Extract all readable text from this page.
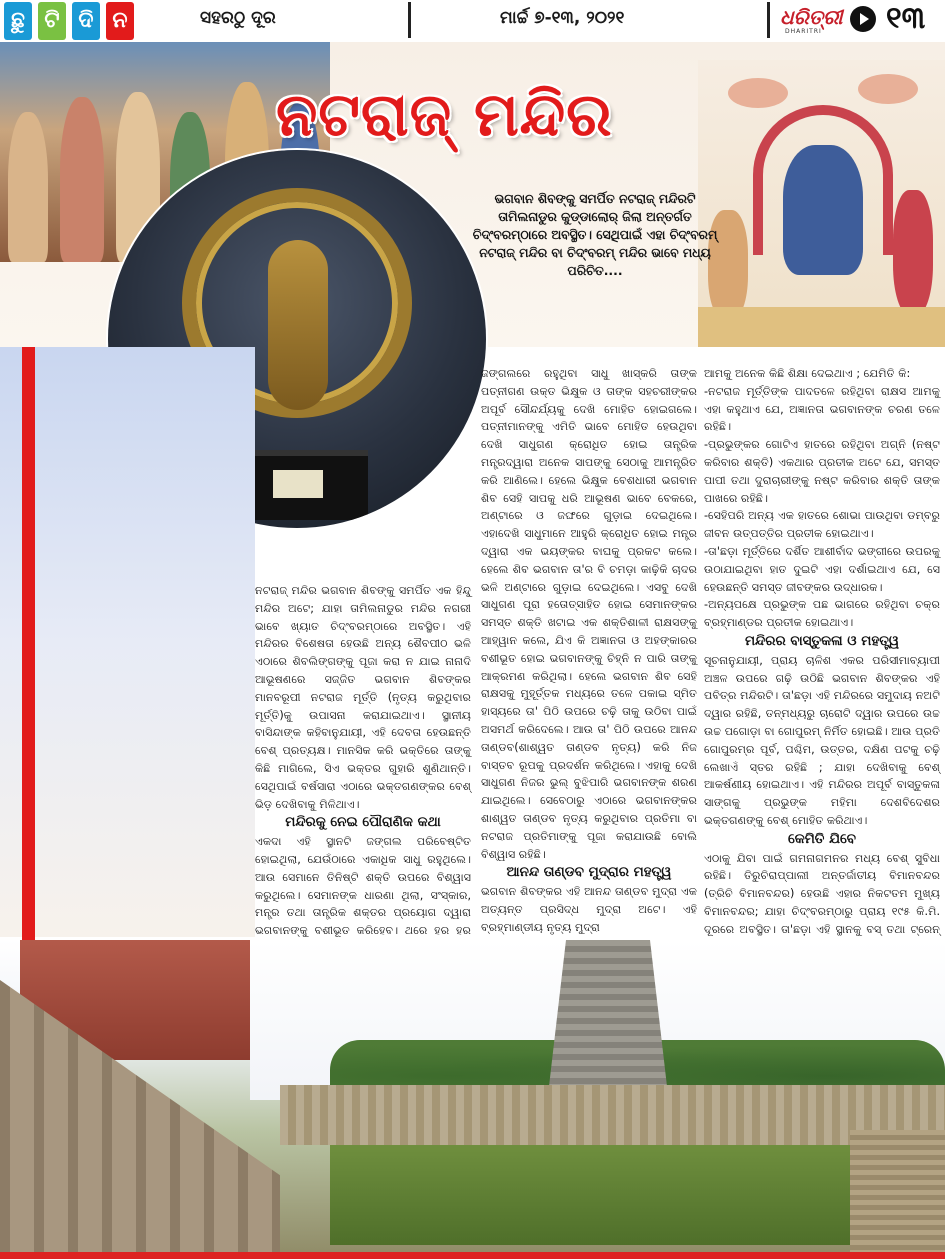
ଛୁ ଟି ଦି ନ	ସହରଠୁ ଦୂର	ମାର୍ଚ୍ଚ ୭-୧୩, ୨୦୨୧	ଧରିତ୍ରୀ
DHARITRI ୧୩
ନଟରାଜ୍ ମନ୍ଦିର
ଭଗବାନ ଶିବଙ୍କୁ ସମର୍ପିତ ନଟରାଜ୍ ମନ୍ଦିରଟି ତାମିଲନାଡୁର କୁଡ୍ଡାଲୋର୍ ଜିଲା ଅନ୍ତର୍ଗତ ଚିଦ୍‌ଂବରମ୍‌ଠାରେ ଅବସ୍ଥିତ। ସେଥିପାଇଁ ଏହା ଚିଦ୍‌ଂବରମ୍ ନଟରାଜ୍ ମନ୍ଦିର ବା ଚିଦ୍‌ଂବରମ୍ ମନ୍ଦିର ଭାବେ ମଧ୍ୟ ପରିଚିତ....

ନଟରାଜ୍ ମନ୍ଦିର ଭଗବାନ ଶିବଙ୍କୁ ସମର୍ପିତ ଏକ ହିନ୍ଦୁ ମନ୍ଦିର ଅଟେ; ଯାହା ତାମିଲନାଡୁର ମନ୍ଦିର ନଗରୀ ଭାବେ ଖ୍ୟାତ ଚିଦ୍‌ଂବରମ୍‌ଠାରେ ଅବସ୍ଥିତ। ଏହି ମନ୍ଦିରର ବିଶେଷତା ହେଉଛି ଅନ୍ୟ ଶୈବପୀଠ ଭଳି ଏଠାରେ ଶିବଲିଙ୍ଗଙ୍କୁ ପୂଜା କରା ନ ଯାଇ ନାନାଦି ଆଭୂଷଣରେ ସଜ୍ଜିତ ଭଗବାନ ଶିବଙ୍କର ମାନବରୂପୀ ନଟରାଜ ମୂର୍ତ୍ତି (ନୃତ୍ୟ କରୁଥିବାର ମୂର୍ତ୍ତି)କୁ ଉପାସନା କରାଯାଇଥାଏ। ସ୍ଥାନୀୟ ବାସିନ୍ଦାଙ୍କ କହିବାନୁଯାୟୀ, ଏହି ଦେବତା ହେଉଛନ୍ତି ବେଶ୍ ପ୍ରତ୍ୟକ୍ଷ। ମାନସିକ କରି ଭକ୍ତିରେ ତାଙ୍କୁ କିଛି ମାଗିଲେ, ସିଏ ଭକ୍ତର ଗୁହାରି ଶୁଣିଥାନ୍ତି। ସେଥିପାଇଁ ବର୍ଷସାରା ଏଠାରେ ଭକ୍ତଗଣଙ୍କର ବେଶ୍ ଭିଡ଼ ଦେଖିବାକୁ ମିଳିଥାଏ।

ମନ୍ଦିରକୁ ନେଇ ପୌରାଣିକ କଥା

ଏକଦା ଏହି ସ୍ଥାନଟି ଜଙ୍ଗଲ ପରିବେଷ୍ଟିତ ହୋଇଥିଲା, ଯେଉଁଠାରେ ଏକାଧିକ ସାଧୁ ରହୁଥିଲେ। ଆଉ ସେମାନେ ତିନିଷ୍ଟି ଶକ୍ତି ଉପରେ ବିଶ୍ୱାସ କରୁଥିଲେ। ସେମାନଙ୍କ ଧାରଣା ଥିଲା, ସଂସ୍କାର, ମନ୍ତ୍ର ତଥା ତାନ୍ତ୍ରିକ ଶକ୍ତର ପ୍ରୟୋଗ ଦ୍ୱାରା ଭଗବାନଙ୍କୁ ବଶୀଭୂତ କରିହେବ। ଥରେ ହର ହର

ଜଙ୍ଗଲରେ ରହୁଥିବା ସାଧୁ ଖାସ୍‌କରି ତାଙ୍କ ପତ୍ନୀଗଣ ଉକ୍ତ ଭିକ୍ଷୁକ ଓ ତାଙ୍କ ସହଚରୀଙ୍କର ଅପୂର୍ବ ସୌନ୍ଦର୍ଯ୍ୟକୁ ଦେଖି ମୋହିତ ହୋଇଗଲେ। ପତ୍ନୀମାନଙ୍କୁ ଏମିତି ଭାବେ ମୋହିତ ହେଉଥିବା ଦେଖି ସାଧୁଗଣ କ୍ରୋଧିତ ହୋଇ ତାନ୍ତ୍ରିକ ମନ୍ତ୍ରଦ୍ୱାରା ଅନେକ ସାପଙ୍କୁ ସେଠାକୁ ଆମନ୍ତ୍ରିତ କରି ଆଣିଲେ। ହେଲେ ଭିକ୍ଷୁକ ବେଶଧାରୀ ଭଗବାନ ଶିବ ସେହି ସାପକୁ ଧରି ଆଭୂଷଣ ଭାବେ ବେକରେ, ଅଣ୍ଟାରେ ଓ ଜଙ୍ଘରେ ଗୁଡ଼ାଇ ଦେଇଥିଲେ। ଏହାଦେଖି ସାଧୁମାନେ ଆହୁରି କ୍ରୋଧିତ ହୋଇ ମନ୍ତ୍ର ଦ୍ୱାରା ଏକ ଭୟଙ୍କର ବାଘକୁ ପ୍ରକଟ କଲେ। ହେଲେ ଶିବ ଭଗବାନ ତା'ର ବି ଚମଡ଼ା କାଢ଼ିକି ଚାଦର ଭଳି ଅଣ୍ଟାରେ ଗୁଡ଼ାଇ ଦେଇଥିଲେ। ଏସବୁ ଦେଖି ସାଧୁଗଣ ପୂରା ହତୋତ୍ସାହିତ ହୋଇ ସେମାନଙ୍କର ସମସ୍ତ ଶକ୍ତି ଖଟାଇ ଏକ ଶକ୍ତିଶାଳୀ ରାକ୍ଷସଙ୍କୁ ଆହ୍ୱାନ କଲେ, ଯିଏ କି ଅଜ୍ଞାନତା ଓ ଅହଙ୍କାରର ବଶୀଭୂତ ହୋଇ ଭଗବାନଙ୍କୁ ଚିହ୍ନି ନ ପାରି ତାଙ୍କୁ ଆକ୍ରମଣ କରିଥିଲା। ହେଲେ ଭଗବାନ ଶିବ ସେହି ରାକ୍ଷସକୁ ମୁହୂର୍ତ୍ତକ ମଧ୍ୟରେ ତଳେ ପକାଇ ସ୍ମିତ ହାସ୍ୟରେ ତା' ପିଠି ଉପରେ ଚଢ଼ି ତାକୁ ଉଠିବା ପାଇଁ ଅସମର୍ଥ କରିଦେଲେ। ଆଉ ତା' ପିଠି ଉପରେ ଆନନ୍ଦ ତାଣ୍ଡବ(ଶାଶ୍ୱତ ତାଣ୍ଡବ ନୃତ୍ୟ) କରି ନିଜ ବାସ୍ତବ ରୂପକୁ ପ୍ରଦର୍ଶନ କରିଥିଲେ। ଏହାକୁ ଦେଖି ସାଧୁଗଣ ନିଜର ଭୁଲ୍ ବୁଝିପାରି ଭଗବାନଙ୍କ ଶରଣ ଯାଇଥିଲେ। ସେବେଠାରୁ ଏଠାରେ ଭଗବାନଙ୍କର ଶାଶ୍ୱତ ତାଣ୍ଡବ ନୃତ୍ୟ କରୁଥିବାର ପ୍ରତିମା ବା ନଟରାଜ ପ୍ରତିମାଙ୍କୁ ପୂଜା କରାଯାଉଛି ବୋଲି ବିଶ୍ୱାସ ରହିଛି।

ଆନନ୍ଦ ତାଣ୍ଡବ ମୁଦ୍ରାର ମହତ୍ତ୍ୱ

ଭଗବାନ ଶିବଙ୍କର ଏହି ଆନନ୍ଦ ତାଣ୍ଡବ ମୁଦ୍ରା ଏକ ଅତ୍ୟନ୍ତ ପ୍ରସିଦ୍ଧ ମୁଦ୍ରା ଅଟେ। ଏହି ବ୍ରହ୍ମାଣ୍ଡୀୟ ନୃତ୍ୟ ମୁଦ୍ରା

ଆମକୁ ଅନେକ କିଛି ଶିକ୍ଷା ଦେଇଥାଏ ; ଯେମିତି କି:

-ନଟରାଜ ମୂର୍ତ୍ତିଙ୍କ ପାଦତଳେ ରହିଥିବା ରାକ୍ଷସ ଆମକୁ ଏହା କହୁଥାଏ ଯେ, ଅଜ୍ଞାନତା ଭଗବାନଙ୍କ ଚରଣ ତଳେ ରହିଛି।

-ପ୍ରଭୁଙ୍କର ଗୋଟିଏ ହାତରେ ରହିଥିବା ଅଗ୍ନି (ନଷ୍ଟ କରିବାର ଶକ୍ତି) ଏକଥାର ପ୍ରତୀକ ଅଟେ ଯେ, ସମସ୍ତ ପାପୀ ତଥା ଦୁରାଚାରୀଙ୍କୁ ନଷ୍ଟ କରିବାର ଶକ୍ତି ତାଙ୍କ ପାଖରେ ରହିଛି।

-ସେହିପରି ଅନ୍ୟ ଏକ ହାତରେ ଶୋଭା ପାଉଥିବା ଡମ୍ବରୁ ଜୀବନ ଉତ୍ପତ୍ତିର ପ୍ରତୀକ ହୋଇଥାଏ।

-ତା'ଛଡ଼ା ମୂର୍ତ୍ତିରେ ଦର୍ଶିତ ଆଶୀର୍ବାଦ ଭଙ୍ଗୀରେ ଉପରକୁ ଉଠାଯାଇଥିବା ହାତ ଦୁଇଟି ଏହା ଦର୍ଶାଇଥାଏ ଯେ, ସେ ହେଉଛନ୍ତି ସମସ୍ତ ଜୀବଙ୍କର ଉଦ୍ଧାରକ।

-ଅନ୍ୟପକ୍ଷେ ପ୍ରଭୁଙ୍କ ପଛ ଭାଗରେ ରହିଥିବା ଚକ୍ର ବ୍ରହ୍ମାଣ୍ଡର ପ୍ରତୀକ ହୋଇଥାଏ।

ମନ୍ଦିରର ବାସ୍ତୁକଳା ଓ ମହତ୍ତ୍ୱ

ସୂଚନାନୁଯାୟୀ, ପ୍ରାୟ ଚାଳିଶ ଏକର ପରିସୀମାବ୍ୟାପୀ ଅଞ୍ଚଳ ଉପରେ ଗଢ଼ି ଉଠିଛି ଭଗବାନ ଶିବଙ୍କର ଏହି ପବିତ୍ର ମନ୍ଦିରଟି। ତା'ଛଡ଼ା ଏହି ମନ୍ଦିରରେ ସମୁଦାୟ ନଅଟି ଦ୍ୱାର ରହିଛି, ତନ୍ମଧ୍ୟରୁ ଚାରୋଟି ଦ୍ୱାର ଉପରେ ଉଚ୍ଚ ଉଚ୍ଚ ପଗୋଡ଼ା ବା ଗୋପୁରମ୍ ନିର୍ମିତ ହୋଇଛି। ଆଉ ପ୍ରତି ଗୋପୁରମ୍‌ର ପୂର୍ବ, ପଶ୍ଚିମ, ଉତ୍ତର, ଦକ୍ଷିଣ ପଟକୁ ଚଢ଼ି ଲେଖାଏଁ ସ୍ତର ରହିଛି ; ଯାହା ଦେଖିବାକୁ ବେଶ୍ ଆକର୍ଷଣୀୟ ହୋଇଥାଏ। ଏହି ମନ୍ଦିରର ଅପୂର୍ବ ବାସ୍ତୁକଳା ସାଙ୍ଗକୁ ପ୍ରଭୁଙ୍କ ମହିମା ଦେଶବିଦେଶର ଭକ୍ତଗଣଙ୍କୁ ବେଶ୍ ମୋହିତ କରିଥାଏ।

କେମିତି ଯିବେ

ଏଠାକୁ ଯିବା ପାଇଁ ଗମନାଗମନର ମଧ୍ୟ ବେଶ୍ ସୁବିଧା ରହିଛି। ତିରୁଚିରାପ୍ପାଲୀ ଅନ୍ତର୍ଜାତୀୟ ବିମାନବନ୍ଦର (ତ୍ରିଚି ବିମାନବନ୍ଦର) ହେଉଛି ଏହାର ନିକଟତମ ମୁଖ୍ୟ ବିମାନବନ୍ଦର; ଯାହା ଚିଦ୍‌ଂବରମ୍‌ଠାରୁ ପ୍ରାୟ ୧୯୫ କି.ମି. ଦୂରରେ ଅବସ୍ଥିତ। ତା'ଛଡ଼ା ଏହି ସ୍ଥାନକୁ ବସ୍ ତଥା ଟ୍ରେନ୍
